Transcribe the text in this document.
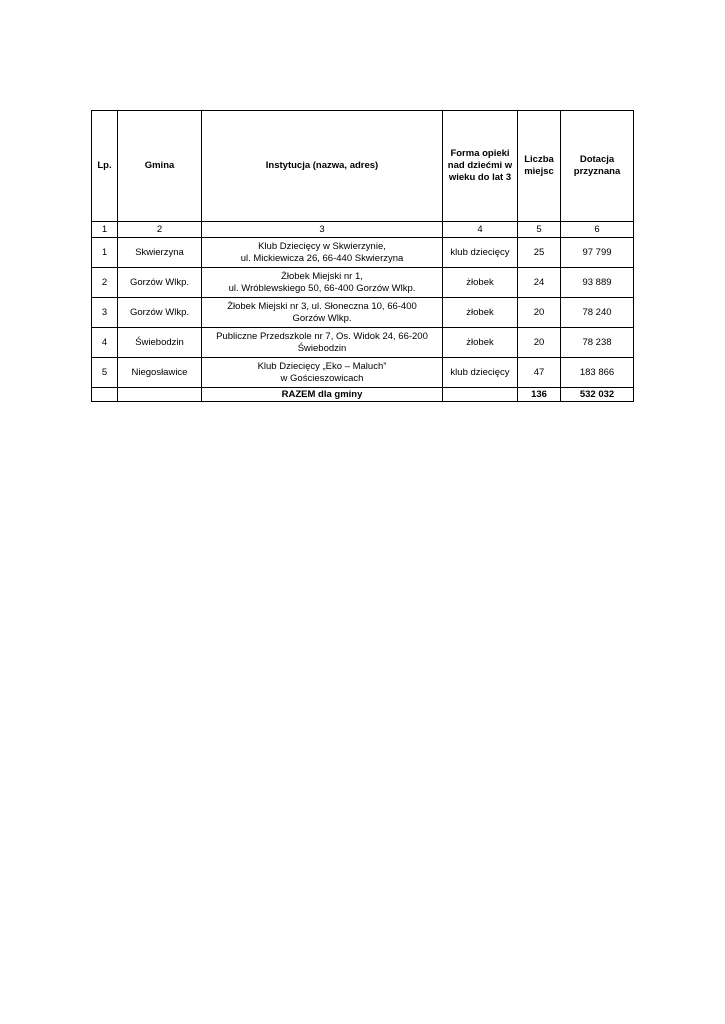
Lp.	Gmina	Instytucja (nazwa, adres)	Forma opieki nad dziećmi w wieku do lat 3	Liczba miejsc	Dotacja przyznana
1	2	3	4	5	6
1	Skwierzyna	Klub Dziecięcy w Skwierzynie,
ul. Mickiewicza 26, 66-440 Skwierzyna	klub dziecięcy	25	97 799
2	Gorzów Wlkp.	Żłobek Miejski nr 1,
ul. Wróblewskiego 50, 66-400 Gorzów Wlkp.	żłobek	24	93 889
3	Gorzów Wlkp.	Żłobek Miejski nr 3, ul. Słoneczna 10, 66-400
Gorzów Wlkp.	żłobek	20	78 240
4	Świebodzin	Publiczne Przedszkole nr 7, Os. Widok 24, 66-200
Świebodzin	żłobek	20	78 238
5	Niegosławice	Klub Dziecięcy „Eko – Maluch”
w Gościeszowicach	klub dziecięcy	47	183 866
		RAZEM dla gminy		136	532 032
